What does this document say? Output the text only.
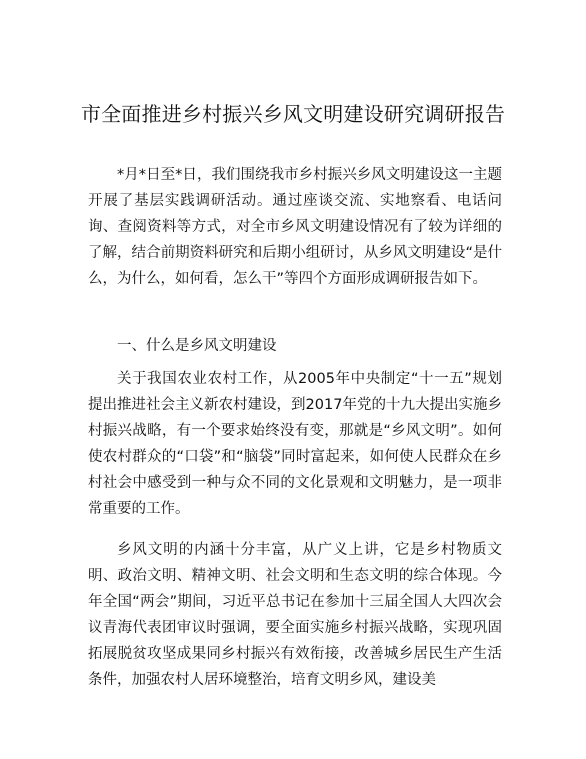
市全面推进乡村振兴乡风文明建设研究调研报告
*月*日至*日，我们围绕我市乡村振兴乡风文明建设这一主题开展了基层实践调研活动。通过座谈交流、实地察看、电话问询、查阅资料等方式，对全市乡风文明建设情况有了较为详细的了解，结合前期资料研究和后期小组研讨，从乡风文明建设“是什么，为什么，如何看，怎么干”等四个方面形成调研报告如下。
一、什么是乡风文明建设
关于我国农业农村工作，从2005年中央制定“十一五”规划提出推进社会主义新农村建设，到2017年党的十九大提出实施乡村振兴战略，有一个要求始终没有变，那就是“乡风文明”。如何使农村群众的“口袋”和“脑袋”同时富起来，如何使人民群众在乡村社会中感受到一种与众不同的文化景观和文明魅力，是一项非常重要的工作。
乡风文明的内涵十分丰富，从广义上讲，它是乡村物质文明、政治文明、精神文明、社会文明和生态文明的综合体现。今年全国“两会”期间，习近平总书记在参加十三届全国人大四次会议青海代表团审议时强调，要全面实施乡村振兴战略，实现巩固拓展脱贫攻坚成果同乡村振兴有效衔接，改善城乡居民生产生活条件，加强农村人居环境整治，培育文明乡风，建设美
